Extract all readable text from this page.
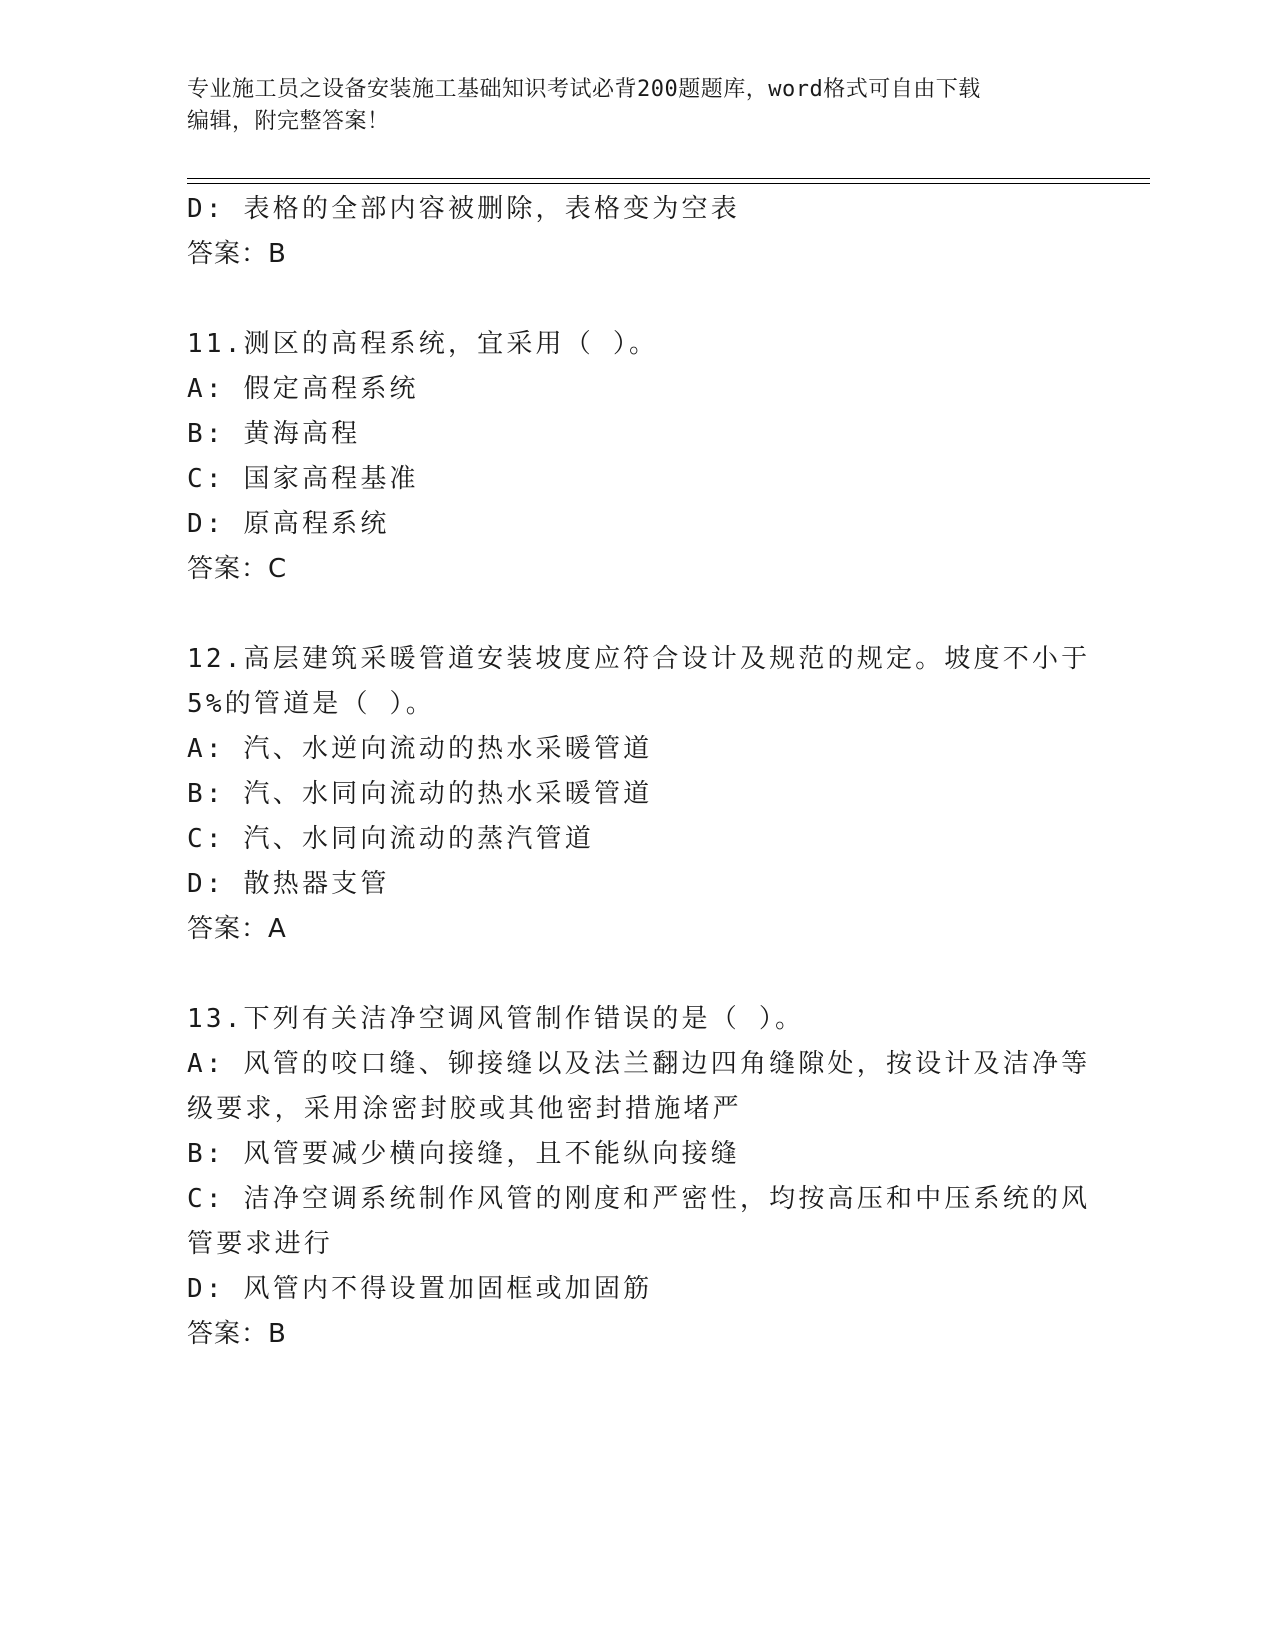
专业施工员之设备安装施工基础知识考试必背200题题库，word格式可自由下载
编辑，附完整答案！
D: 表格的全部内容被删除，表格变为空表
答案：B
11.测区的高程系统，宜采用（ ）。
A: 假定高程系统
B: 黄海高程
C: 国家高程基准
D: 原高程系统
答案：C
12.高层建筑采暖管道安装坡度应符合设计及规范的规定。坡度不小于
5%的管道是（ ）。
A: 汽、水逆向流动的热水采暖管道
B: 汽、水同向流动的热水采暖管道
C: 汽、水同向流动的蒸汽管道
D: 散热器支管
答案：A
13.下列有关洁净空调风管制作错误的是（ ）。
A: 风管的咬口缝、铆接缝以及法兰翻边四角缝隙处，按设计及洁净等
级要求，采用涂密封胶或其他密封措施堵严
B: 风管要减少横向接缝，且不能纵向接缝
C: 洁净空调系统制作风管的刚度和严密性，均按高压和中压系统的风
管要求进行
D: 风管内不得设置加固框或加固筋
答案：B
